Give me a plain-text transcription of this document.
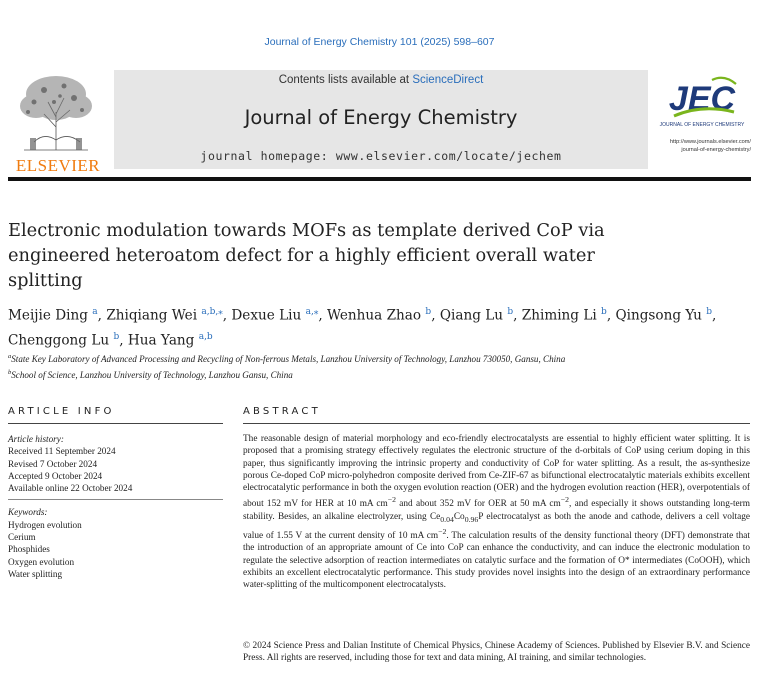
Journal of Energy Chemistry 101 (2025) 598–607
ELSEVIER
Contents lists available at ScienceDirect
Journal of Energy Chemistry
journal homepage: www.elsevier.com/locate/jechem
JEC
JOURNAL OF ENERGY CHEMISTRY
http://www.journals.elsevier.com/
journal-of-energy-chemistry/
Electronic modulation towards MOFs as template derived CoP via engineered heteroatom defect for a highly efficient overall water splitting
Meijie Ding $^a$, Zhiqiang Wei $^{a,b,⁎}$, Dexue Liu $^{a,⁎}$, Wenhua Zhao $^b$, Qiang Lu $^b$, Zhiming Li $^b$, Qingsong Yu $^b$, Chenggong Lu $^b$, Hua Yang $^{a,b}$
$^a$State Key Laboratory of Advanced Processing and Recycling of Non-ferrous Metals, Lanzhou University of Technology, Lanzhou 730050, Gansu, China
$^b$School of Science, Lanzhou University of Technology, Lanzhou Gansu, China
ARTICLE INFO	ABSTRACT
Article history:
Received 11 September 2024
Revised 7 October 2024
Accepted 9 October 2024
Available online 22 October 2024
Keywords:
Hydrogen evolution
Cerium
Phosphides
Oxygen evolution
Water splitting
The reasonable design of material morphology and eco-friendly electrocatalysts are essential to highly efficient water splitting. It is proposed that a promising strategy effectively regulates the electronic structure of the d-orbitals of CoP using cerium doping in this paper, thus significantly improving the intrinsic property and conductivity of CoP for water splitting. As a result, the as-synthesize porous Ce-doped CoP micro-polyhedron composite derived from Ce-ZIF-67 as bifunctional electrocatalytic materials exhibits excellent electrocatalytic performance in both the oxygen evolution reaction (OER) and the hydrogen evolution reaction (HER), overpotentials of about 152 mV for HER at 10 mA $cm^{-2}$ and about 352 mV for OER at 50 mA $cm^{-2}$, and especially it shows outstanding long-term stability. Besides, an alkaline electrolyzer, using $Ce_{0.04}Co_{0.96}P$ electrocatalyst as both the anode and cathode, delivers a cell voltage value of 1.55 V at the current density of 10 mA $cm^{-2}$. The calculation results of the density functional theory (DFT) demonstrate that the introduction of an appropriate amount of Ce into CoP can enhance the conductivity, and can induce the electronic modulation to regulate the selective adsorption of reaction intermediates on catalytic surface and the formation of O* intermediates (CoOOH), which exhibits an excellent electrocatalytic performance. This study provides novel insights into the design of an extraordinary performance water-splitting of the multicomponent electrocatalysts.
© 2024 Science Press and Dalian Institute of Chemical Physics, Chinese Academy of Sciences. Published by Elsevier B.V. and Science Press. All rights are reserved, including those for text and data mining, AI training, and similar technologies.
